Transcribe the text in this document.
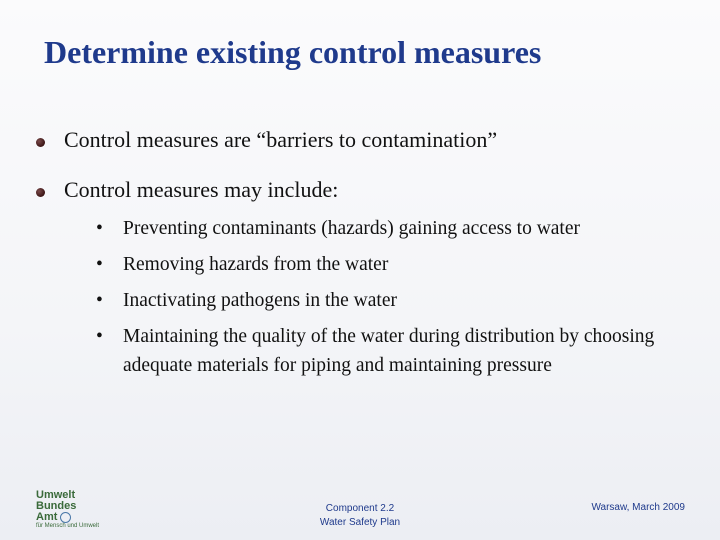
Determine existing control measures
Control measures are “barriers to contamination”
Control measures may include:
• Preventing contaminants (hazards) gaining access to water
• Removing hazards from the water
• Inactivating pathogens in the water
• Maintaining the quality of the water during distribution by choosing adequate materials for piping and maintaining pressure
Umwelt
Bundes
Amt
für Mensch und Umwelt
Component 2.2
Water Safety Plan
Warsaw, March 2009
